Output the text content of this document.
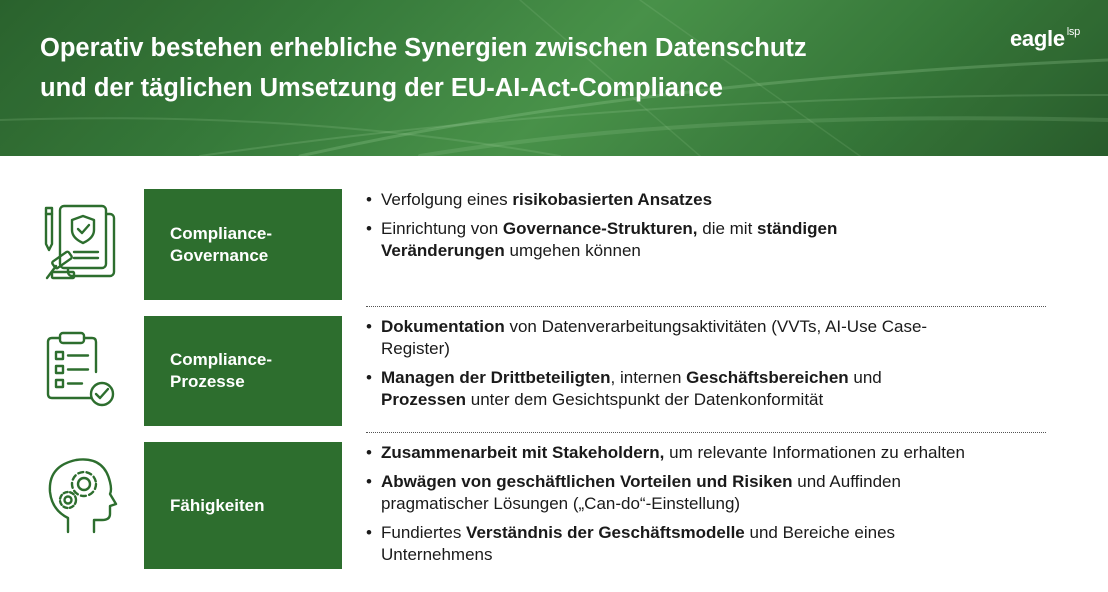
Operativ bestehen erhebliche Synergien zwischen Datenschutz
und der täglichen Umsetzung der EU-AI-Act-Compliance
eagle $^{lsp}$
Compliance-
Governance
• Verfolgung eines risikobasierten Ansatzes
• Einrichtung von Governance-Strukturen, die mit ständigen
Veränderungen umgehen können
Compliance-
Prozesse
• Dokumentation von Datenverarbeitungsaktivitäten (VVTs, AI-Use Case-
Register)
• Managen der Drittbeteiligten, internen Geschäftsbereichen und
Prozessen unter dem Gesichtspunkt der Datenkonformität
Fähigkeiten
• Zusammenarbeit mit Stakeholdern, um relevante Informationen zu erhalten
• Abwägen von geschäftlichen Vorteilen und Risiken und Auffinden
pragmatischer Lösungen („Can-do“-Einstellung)
• Fundiertes Verständnis der Geschäftsmodelle und Bereiche eines
Unternehmens
